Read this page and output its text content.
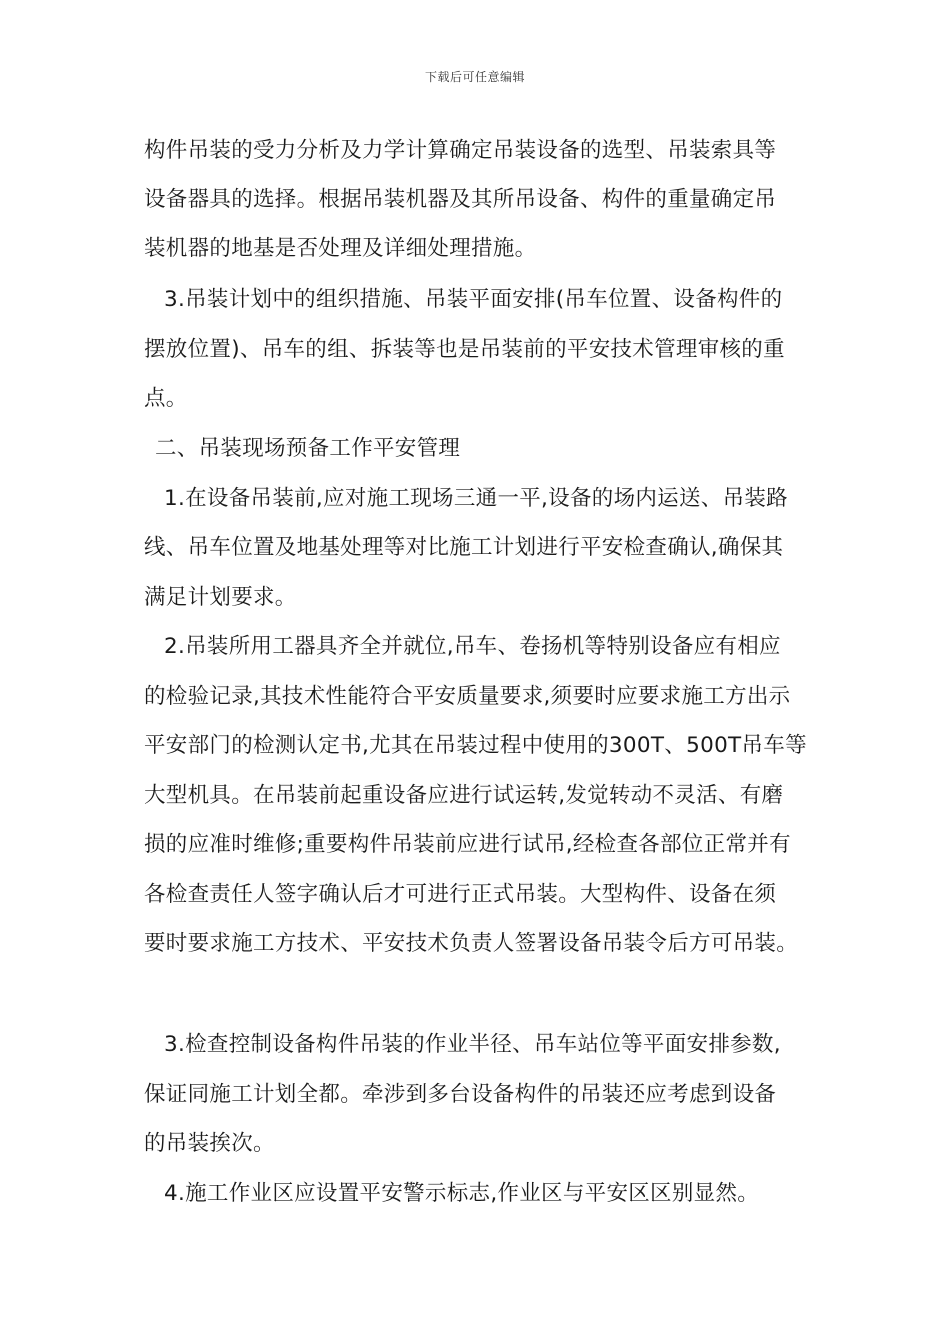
下载后可任意编辑
构件吊装的受力分析及力学计算确定吊装设备的选型、吊装索具等
设备器具的选择。根据吊装机器及其所吊设备、构件的重量确定吊
装机器的地基是否处理及详细处理措施。
3.吊装计划中的组织措施、吊装平面安排(吊车位置、设备构件的
摆放位置)、吊车的组、拆装等也是吊装前的平安技术管理审核的重
点。
二、吊装现场预备工作平安管理
1.在设备吊装前,应对施工现场三通一平,设备的场内运送、吊装路
线、吊车位置及地基处理等对比施工计划进行平安检查确认,确保其
满足计划要求。
2.吊装所用工器具齐全并就位,吊车、卷扬机等特别设备应有相应
的检验记录,其技术性能符合平安质量要求,须要时应要求施工方出示
平安部门的检测认定书,尤其在吊装过程中使用的300T、500T吊车等
大型机具。在吊装前起重设备应进行试运转,发觉转动不灵活、有磨
损的应准时维修;重要构件吊装前应进行试吊,经检查各部位正常并有
各检查责任人签字确认后才可进行正式吊装。大型构件、设备在须
要时要求施工方技术、平安技术负责人签署设备吊装令后方可吊装。
3.检查控制设备构件吊装的作业半径、吊车站位等平面安排参数,
保证同施工计划全都。牵涉到多台设备构件的吊装还应考虑到设备
的吊装挨次。
4.施工作业区应设置平安警示标志,作业区与平安区区别显然。
